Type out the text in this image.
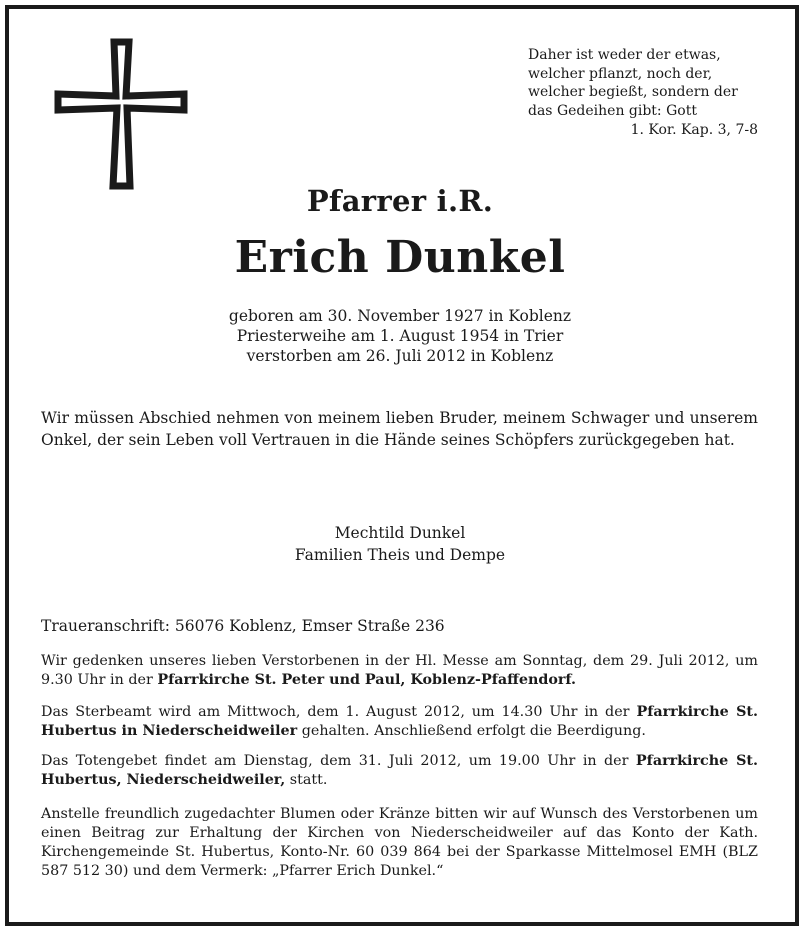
Daher ist weder der etwas,
welcher pflanzt, noch der,
welcher begießt, sondern der
das Gedeihen gibt: Gott
1. Kor. Kap. 3, 7-8
Pfarrer i.R.
Erich Dunkel
geboren am 30. November 1927 in Koblenz
Priesterweihe am 1. August 1954 in Trier
verstorben am 26. Juli 2012 in Koblenz
Wir müssen Abschied nehmen von meinem lieben Bruder, meinem Schwager und unserem Onkel, der sein Leben voll Vertrauen in die Hände seines Schöpfers zurückgegeben hat.
Mechtild Dunkel
Familien Theis und Dempe
Traueranschrift: 56076 Koblenz, Emser Straße 236
Wir gedenken unseres lieben Verstorbenen in der Hl. Messe am Sonntag, dem 29. Juli 2012, um 9.30 Uhr in der Pfarrkirche St. Peter und Paul, Koblenz-Pfaffendorf.
Das Sterbeamt wird am Mittwoch, dem 1. August 2012, um 14.30 Uhr in der Pfarrkirche St. Hubertus in Niederscheidweiler gehalten. Anschließend erfolgt die Beerdigung.
Das Totengebet findet am Dienstag, dem 31. Juli 2012, um 19.00 Uhr in der Pfarrkirche St. Hubertus, Niederscheidweiler, statt.
Anstelle freundlich zugedachter Blumen oder Kränze bitten wir auf Wunsch des Verstorbenen um einen Beitrag zur Erhaltung der Kirchen von Niederscheidweiler auf das Konto der Kath. Kirchengemeinde St. Hubertus, Konto-Nr. 60 039 864 bei der Sparkasse Mittelmosel EMH (BLZ 587 512 30) und dem Vermerk: „Pfarrer Erich Dunkel.“
